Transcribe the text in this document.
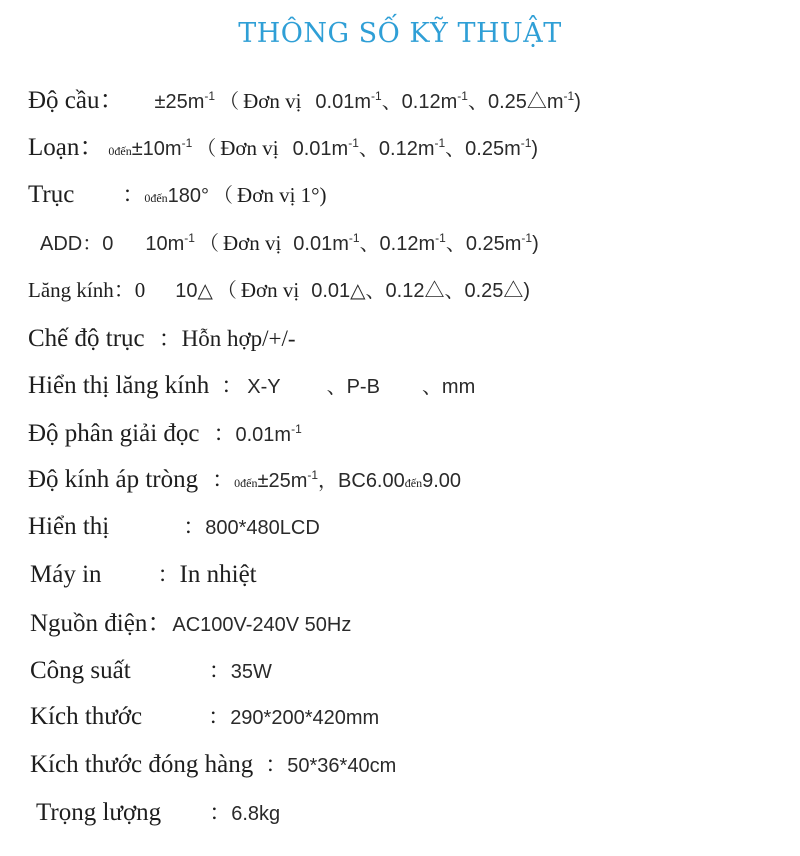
THÔNG SỐ KỸ THUẬT
Độ cầu： $\pm 25m^{-1}$ （ Đơn vị $0.01m^{-1}$、$0.12m^{-1}$、$0.25\triangle m^{-1}$)
Loạn： $0đến\pm 10m^{-1}$ （ Đơn vị $0.01m^{-1}$、$0.12m^{-1}$、$0.25m^{-1}$)
Trục ：0đến180° （ Đơn vị 1°)
ADD：0 $10m^{-1}$ （ Đơn vị $0.01m^{-1}$、$0.12m^{-1}$、$0.25m^{-1}$)
Lăng kính：0 10△ （ Đơn vị 0.01△、0.12△、0.25△)
Chế độ trục ：Hỗn hợp/+/-
Hiển thị lăng kính ： X-Y 、P-B 、mm
Độ phân giải đọc ：$0.01m^{-1}$
Độ kính áp tròng ：$0đến\pm 25m^{-1}$，BC6.00đến9.00
Hiển thị	：800*480LCD
Máy in	：In nhiệt
Nguồn điện：AC100V-240V 50Hz
Công suất	：35W
Kích thước	：290*200*420mm
Kích thước đóng hàng ：50*36*40cm
Trọng lượng ：6.8kg
